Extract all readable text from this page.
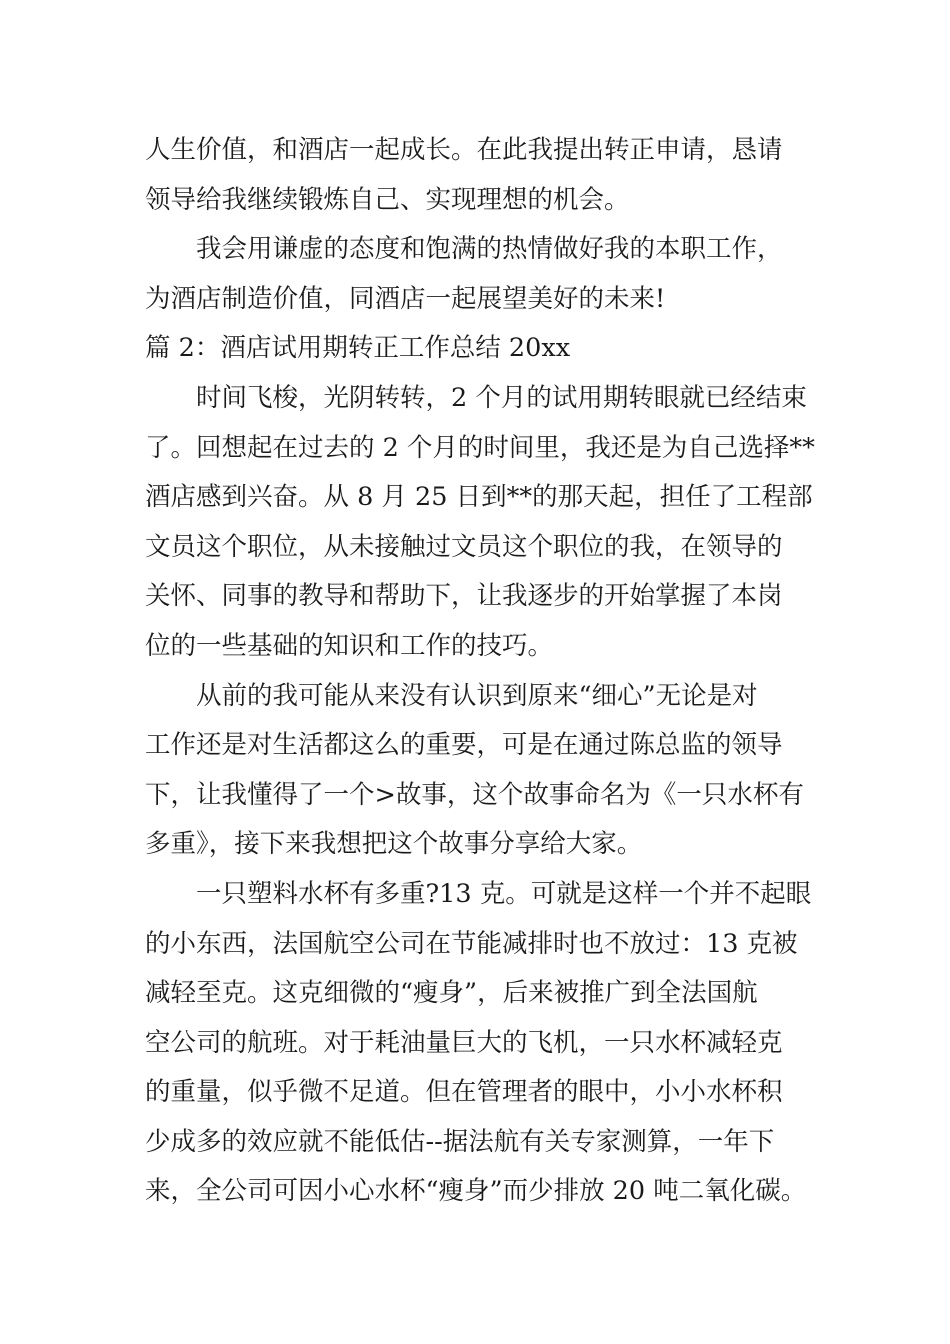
人生价值，和酒店一起成长。在此我提出转正申请，恳请
领导给我继续锻炼自己、实现理想的机会。
我会用谦虚的态度和饱满的热情做好我的本职工作，
为酒店制造价值，同酒店一起展望美好的未来!
篇 2：酒店试用期转正工作总结 20xx
时间飞梭，光阴转转，2 个月的试用期转眼就已经结束
了。回想起在过去的 2 个月的时间里，我还是为自己选择**
酒店感到兴奋。从 8 月 25 日到**的那天起，担任了工程部
文员这个职位，从未接触过文员这个职位的我，在领导的
关怀、同事的教导和帮助下，让我逐步的开始掌握了本岗
位的一些基础的知识和工作的技巧。
从前的我可能从来没有认识到原来“细心”无论是对
工作还是对生活都这么的重要，可是在通过陈总监的领导
下，让我懂得了一个>故事，这个故事命名为《一只水杯有
多重》，接下来我想把这个故事分享给大家。
一只塑料水杯有多重?13 克。可就是这样一个并不起眼
的小东西，法国航空公司在节能减排时也不放过：13 克被
减轻至克。这克细微的“瘦身”，后来被推广到全法国航
空公司的航班。对于耗油量巨大的飞机，一只水杯减轻克
的重量，似乎微不足道。但在管理者的眼中，小小水杯积
少成多的效应就不能低估--据法航有关专家测算，一年下
来，全公司可因小心水杯“瘦身”而少排放 20 吨二氧化碳。
